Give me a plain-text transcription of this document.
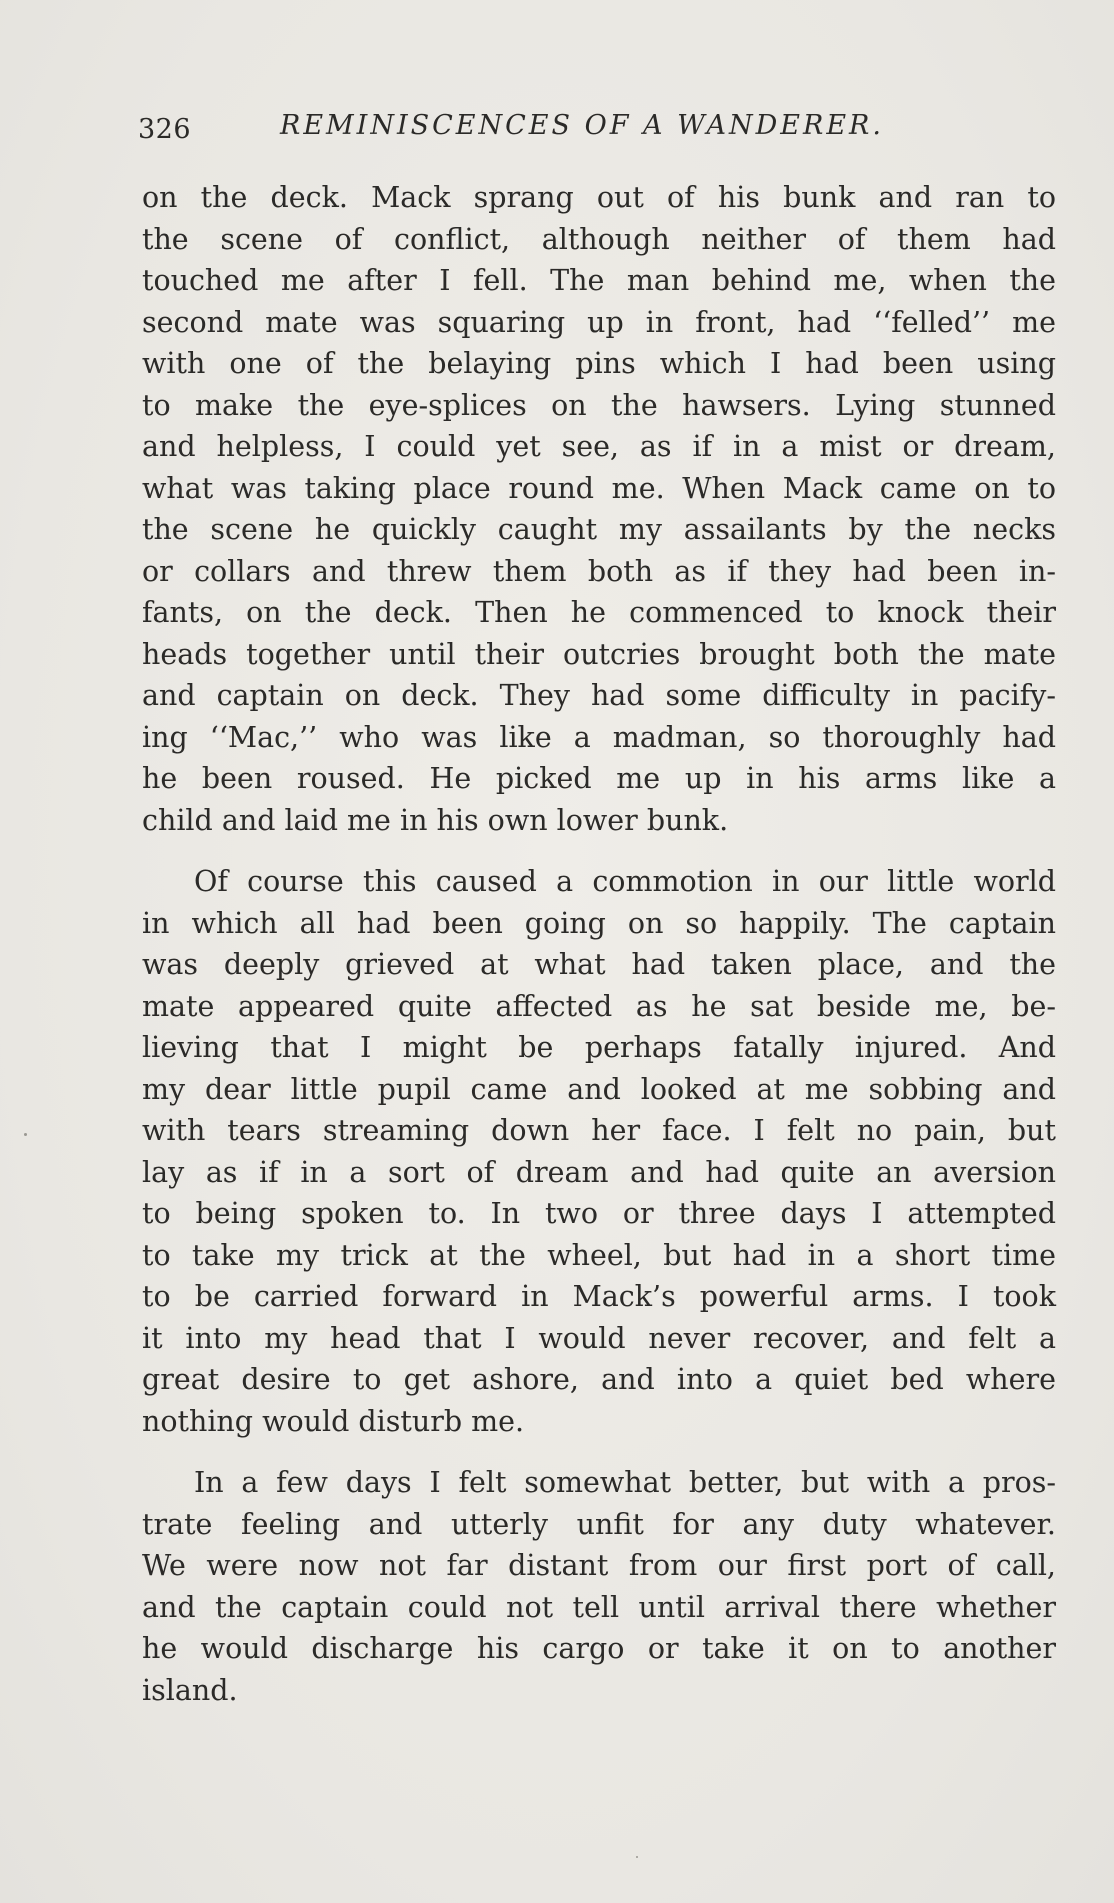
326	REMINISCENCES OF A WANDERER.
on the deck. Mack sprang out of his bunk and ran to
the scene of conflict, although neither of them had
touched me after I fell. The man behind me, when the
second mate was squaring up in front, had ‘‘felled’’ me
with one of the belaying pins which I had been using
to make the eye-splices on the hawsers. Lying stunned
and helpless, I could yet see, as if in a mist or dream,
what was taking place round me. When Mack came on to
the scene he quickly caught my assailants by the necks
or collars and threw them both as if they had been in-
fants, on the deck. Then he commenced to knock their
heads together until their outcries brought both the mate
and captain on deck. They had some difficulty in pacify-
ing ‘‘Mac,’’ who was like a madman, so thoroughly had
he been roused. He picked me up in his arms like a
child and laid me in his own lower bunk.
Of course this caused a commotion in our little world
in which all had been going on so happily. The captain
was deeply grieved at what had taken place, and the
mate appeared quite affected as he sat beside me, be-
lieving that I might be perhaps fatally injured. And
my dear little pupil came and looked at me sobbing and
with tears streaming down her face. I felt no pain, but
lay as if in a sort of dream and had quite an aversion
to being spoken to. In two or three days I attempted
to take my trick at the wheel, but had in a short time
to be carried forward in Mack’s powerful arms. I took
it into my head that I would never recover, and felt a
great desire to get ashore, and into a quiet bed where
nothing would disturb me.
In a few days I felt somewhat better, but with a pros-
trate feeling and utterly unfit for any duty whatever.
We were now not far distant from our first port of call,
and the captain could not tell until arrival there whether
he would discharge his cargo or take it on to another
island.
